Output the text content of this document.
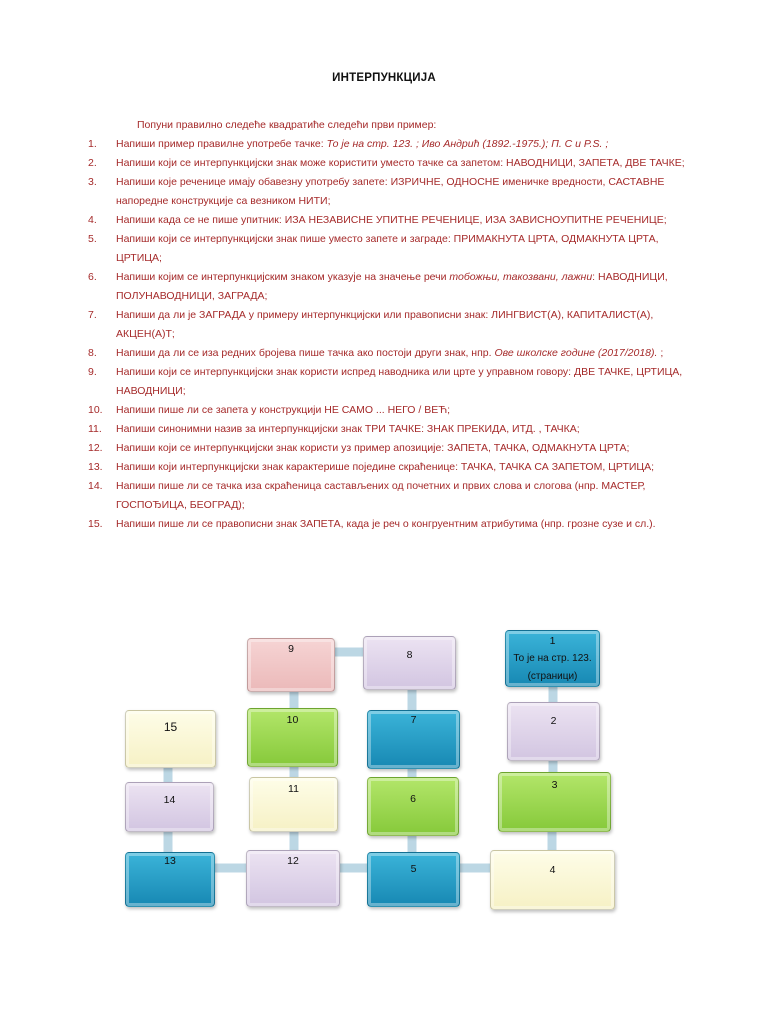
ИНТЕРПУНКЦИЈА
Попуни правилно следеће квадратиће следећи први пример:
1. Напиши пример правилне употребе тачке: То је на стр. 123. ; Иво Андрић (1892.-1975.); П. С и P.S. ;
2. Напиши који се интерпункцијски знак може користити уместо тачке са зaпетом: НАВОДНИЦИ, ЗАПЕТА, ДВЕ ТАЧКЕ;
3. Напиши које реченице имају обавезну употребу запете: ИЗРИЧНЕ, ОДНОСНЕ именичке вредности, САСТАВНЕ напоредне конструкције са везником НИТИ;
4. Напиши када се не пише упитник: ИЗА НЕЗАВИСНЕ УПИТНЕ РЕЧЕНИЦЕ, ИЗА ЗАВИСНОУПИТНЕ РЕЧЕНИЦЕ;
5. Напиши који се интерпункцијски знак пише уместо запете и заграде: ПРИМАКНУТА ЦРТА, ОДМАКНУТА ЦРТА, ЦРТИЦА;
6. Напиши којим се интерпункцијским знаком указује на значење речи тобожњи, такозвани, лажни: НАВОДНИЦИ, ПОЛУНАВОДНИЦИ, ЗАГРАДА;
7. Напиши да ли је ЗАГРАДА у примеру интерпункцијски или правописни знак: ЛИНГВИСТ(А), КАПИТАЛИСТ(А), АКЦЕН(А)Т;
8. Напиши да ли се иза редних бројева пише тачка ако постоји други знак, нпр. Ове школске године (2017/2018). ;
9. Напиши који се интерпункцијски знак користи испред наводника или црте у управном говору: ДВЕ ТАЧКЕ, ЦРТИЦА, НАВОДНИЦИ;
10. Напиши пише ли се запета у конструкцији НЕ САМО ... НЕГО / ВЕЋ;
11. Напиши синонимни назив за интерпункцијски знак ТРИ ТАЧКЕ: ЗНАК ПРЕКИДА, ИТД. , ТАЧКА;
12. Напиши који се интерпункцијски знак користи уз пример апозиције: ЗАПЕТА, ТАЧКА, ОДМАКНУТА ЦРТА;
13. Напиши који интерпункцијски знак карактерише поједине скраћенице: ТАЧКА, ТАЧКА СА ЗАПЕТОМ, ЦРТИЦА;
14. Напиши пише ли се тачка иза скраћеница састављених од почетних и првих слова и слогова (нпр. МАСТЕР, ГОСПОЂИЦА, БЕОГРАД);
15. Напиши пише ли се правописни знак ЗАПЕТА, када је реч о конгруентним атрибутима (нпр. грозне сузе и сл.).
1
То је на стр. 123.
(страници)
2
3
4
5
6
7
8
9
10
11
12
13
14
15
